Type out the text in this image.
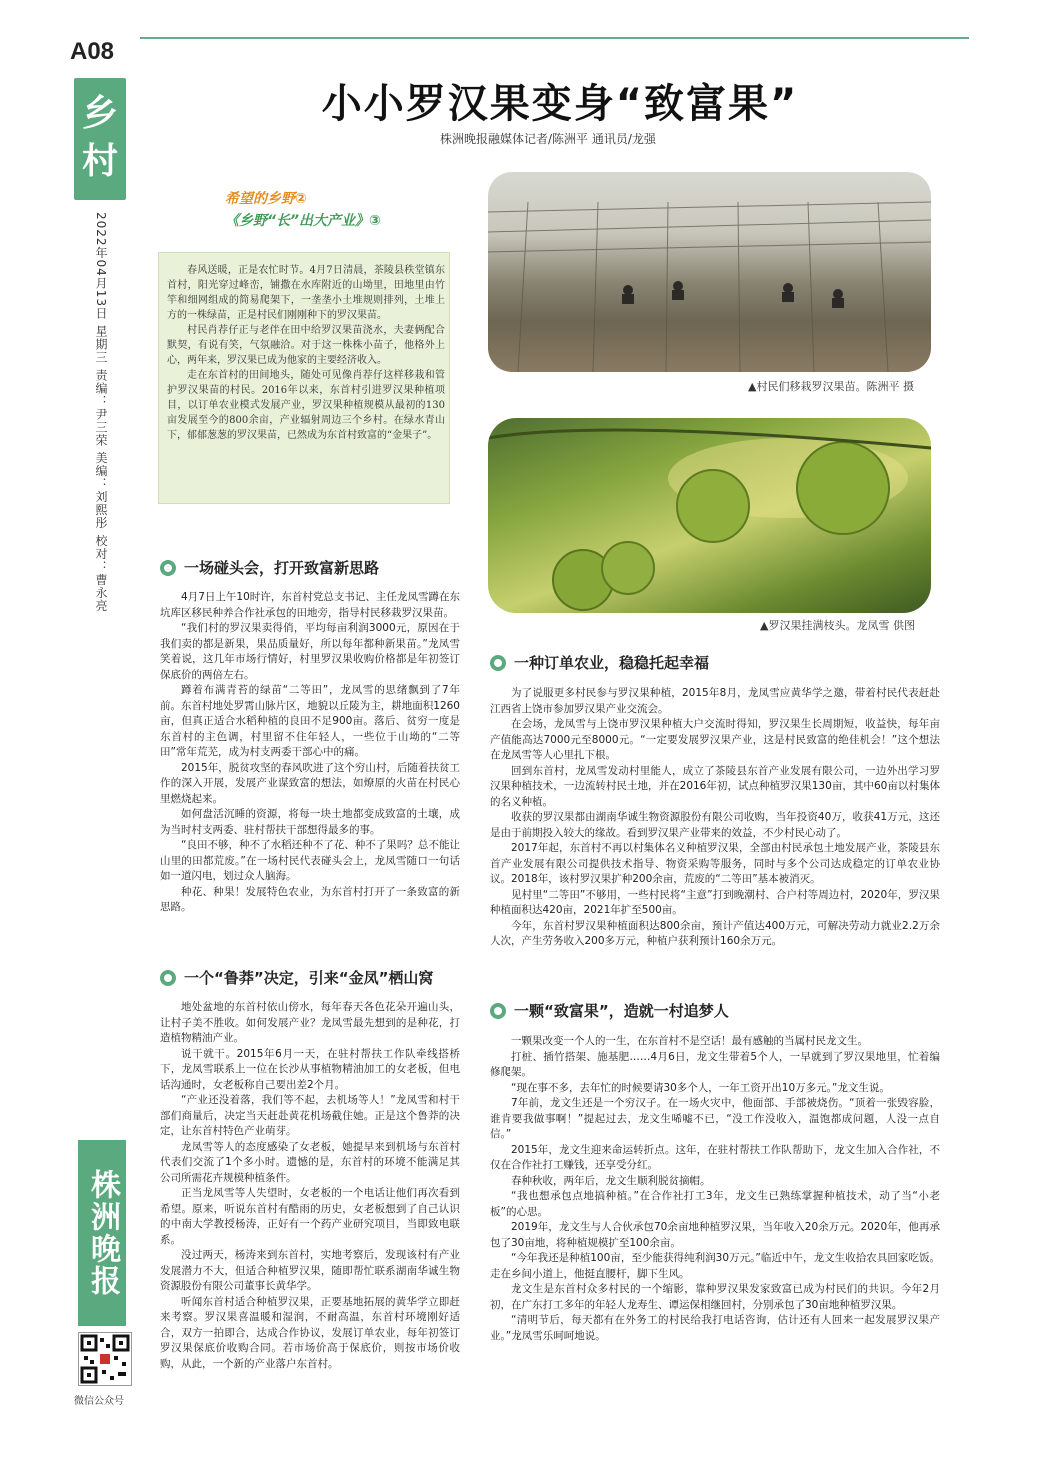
A08
乡
村
2022年04月13日 星期三 责编：尹三荣 美编：刘熙彤 校对：曹永亮
株洲晚报
微信公众号
小小罗汉果变身“致富果”
株洲晚报融媒体记者/陈洲平 通讯员/龙强
希望的乡野②
《乡野“长”出大产业》③

春风送暖，正是农忙时节。4月7日清晨，茶陵县秩堂镇东首村，阳光穿过峰峦，铺撒在水库附近的山坳里，田地里由竹竿和细网组成的简易爬架下，一垄垄小土堆规则排列，土堆上方的一株绿苗，正是村民们刚刚种下的罗汉果苗。

村民肖荐仔正与老伴在田中给罗汉果苗浇水，夫妻俩配合默契，有说有笑，气氛融洽。对于这一株株小苗子，他格外上心，两年来，罗汉果已成为他家的主要经济收入。

走在东首村的田间地头，随处可见像肖荐仔这样移栽和管护罗汉果苗的村民。2016年以来，东首村引进罗汉果种植项目，以订单农业模式发展产业，罗汉果种植规模从最初的130亩发展至今的800余亩，产业辐射周边三个乡村。在绿水青山下，郁郁葱葱的罗汉果苗，已然成为东首村致富的“金果子”。

▲村民们移栽罗汉果苗。陈洲平 摄
▲罗汉果挂满枝头。龙凤雪 供图
一场碰头会，打开致富新思路

4月7日上午10时许，东首村党总支书记、主任龙凤雪蹲在东坑库区移民种养合作社承包的田地旁，指导村民移栽罗汉果苗。

“我们村的罗汉果卖得俏，平均每亩利润3000元，原因在于我们卖的都是新果，果品质量好，所以每年都种新果苗。”龙凤雪笑着说，这几年市场行情好，村里罗汉果收购价格都是年初签订保底价的两倍左右。

蹲着布满青苔的绿苗“二等田”，龙凤雪的思绪飘到了7年前。东首村地处罗霄山脉片区，地貌以丘陵为主，耕地面积1260亩，但真正适合水稻种植的良田不足900亩。落后、贫穷一度是东首村的主色调，村里留不住年轻人，一些位于山坳的“二等田”常年荒芜，成为村支两委干部心中的痛。

2015年，脱贫攻坚的春风吹进了这个穷山村，后随着扶贫工作的深入开展，发展产业谋致富的想法，如燎原的火苗在村民心里燃烧起来。

如何盘活沉睡的资源，将每一块土地都变成致富的土壤，成为当时村支两委、驻村帮扶干部想得最多的事。

“良田不够，种不了水稻还种不了花、种不了果吗？总不能让山里的田都荒废。”在一场村民代表碰头会上，龙凤雪随口一句话如一道闪电，划过众人脑海。

种花、种果！发展特色农业，为东首村打开了一条致富的新思路。

一个“鲁莽”决定，引来“金凤”栖山窝

地处盆地的东首村依山傍水，每年春天各色花朵开遍山头，让村子美不胜收。如何发展产业？龙凤雪最先想到的是种花，打造植物精油产业。

说干就干。2015年6月一天，在驻村帮扶工作队牵线搭桥下，龙凤雪联系上一位在长沙从事植物精油加工的女老板，但电话沟通时，女老板称自己要出差2个月。

“产业还没着落，我们等不起，去机场等人！”龙凤雪和村干部们商量后，决定当天赶赴黄花机场截住她。正是这个鲁莽的决定，让东首村特色产业萌芽。

龙凤雪等人的态度感染了女老板，她提早来到机场与东首村代表们交流了1个多小时。遗憾的是，东首村的环境不能满足其公司所需花卉规模种植条件。

正当龙凤雪等人失望时，女老板的一个电话让他们再次看到希望。原来，听说东首村有酷雨的历史，女老板想到了自己认识的中南大学教授杨涛，正好有一个药产业研究项目，当即致电联系。

没过两天，杨涛来到东首村，实地考察后，发现该村有产业发展潜力不大，但适合种植罗汉果，随即帮忙联系湖南华诚生物资源股份有限公司董事长黄华学。

听闻东首村适合种植罗汉果，正要基地拓展的黄华学立即赶来考察。罗汉果喜温暖和湿润，不耐高温，东首村环境刚好适合，双方一拍即合，达成合作协议，发展订单农业，每年初签订罗汉果保底价收购合同。若市场价高于保底价，则按市场价收购，从此，一个新的产业落户东首村。

一种订单农业，稳稳托起幸福

为了说服更多村民参与罗汉果种植，2015年8月，龙凤雪应黄华学之邀，带着村民代表赶赴江西省上饶市参加罗汉果产业交流会。

在会场，龙凤雪与上饶市罗汉果种植大户交流时得知，罗汉果生长周期短，收益快，每年亩产值能高达7000元至8000元。“一定要发展罗汉果产业，这是村民致富的绝佳机会！”这个想法在龙凤雪等人心里扎下根。

回到东首村，龙凤雪发动村里能人，成立了茶陵县东首产业发展有限公司，一边外出学习罗汉果种植技术，一边流转村民土地，并在2016年初，试点种植罗汉果130亩，其中60亩以村集体的名义种植。

收获的罗汉果都由湖南华诚生物资源股份有限公司收购，当年投资40万，收获41万元，这还是由于前期投入较大的缘故。看到罗汉果产业带来的效益，不少村民心动了。

2017年起，东首村不再以村集体名义种植罗汉果，全部由村民承包土地发展产业，茶陵县东首产业发展有限公司提供技术指导、物资采购等服务，同时与多个公司达成稳定的订单农业协议。2018年，该村罗汉果扩种200余亩，荒废的“二等田”基本被消灭。

见村里“二等田”不够用，一些村民将“主意”打到晚潮村、合户村等周边村，2020年，罗汉果种植面积达420亩，2021年扩至500亩。

今年，东首村罗汉果种植面积达800余亩，预计产值达400万元，可解决劳动力就业2.2万余人次，产生劳务收入200多万元，种植户获利预计160余万元。

一颗“致富果”，造就一村追梦人

一颗果改变一个人的一生，在东首村不是空话！最有感触的当属村民龙文生。

打桩、插竹搭架、施基肥……4月6日，龙文生带着5个人，一早就到了罗汉果地里，忙着编修爬架。

“现在事不多，去年忙的时候要请30多个人，一年工资开出10万多元。”龙文生说。

7年前，龙文生还是一个穷汉子。在一场火灾中，他面部、手部被烧伤。“顶着一张毁容脸，谁肯要我做事啊！”提起过去，龙文生唏嘘不已，“没工作没收入，温饱都成问题，人没一点自信。”

2015年，龙文生迎来命运转折点。这年，在驻村帮扶工作队帮助下，龙文生加入合作社，不仅在合作社打工赚钱，还享受分红。

春种秋收，两年后，龙文生顺利脱贫摘帽。

“我也想承包点地搞种植。”在合作社打工3年，龙文生已熟练掌握种植技术，动了当“小老板”的心思。

2019年，龙文生与人合伙承包70余亩地种植罗汉果，当年收入20余万元。2020年，他再承包了30亩地，将种植规模扩至100余亩。

“今年我还是种植100亩，至少能获得纯利润30万元。”临近中午，龙文生收拾农具回家吃饭。走在乡间小道上，他挺直腰杆，脚下生风。

龙文生是东首村众多村民的一个缩影，靠种罗汉果发家致富已成为村民们的共识。今年2月初，在广东打工多年的年轻人龙寿生、谭运保相继回村，分别承包了30亩地种植罗汉果。

“清明节后，每天都有在外务工的村民给我打电话咨询，估计还有人回来一起发展罗汉果产业。”龙凤雪乐呵呵地说。
